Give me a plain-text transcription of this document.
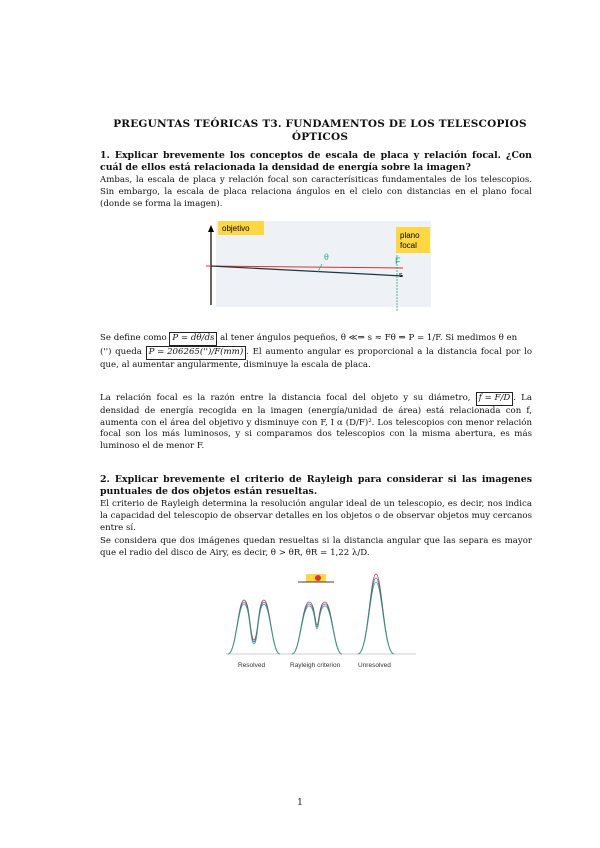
PREGUNTAS TEÓRICAS T3. FUNDAMENTOS DE LOS TELESCOPIOS ÓPTICOS
1. Explicar brevemente los conceptos de escala de placa y relación focal. ¿Con cuál de ellos está relacionada la densidad de energía sobre la imagen?
Ambas, la escala de placa y relación focal son caracterísiticas fundamentales de los telescopios. Sin embargo, la escala de placa relaciona ángulos en el cielo con distancias en el plano focal (donde se forma la imagen).
objetivo
plano
focal
F
s
θ
Se define como P = dθ/ds al tener ángulos pequeños, θ ≪⇒ s ≈ Fθ ⇒ P = 1/F. Si medimos θ en
('') queda P = 206265('')/F(mm) . El aumento angular es proporcional a la distancia focal por lo que, al aumentar angularmente, disminuye la escala de placa.
La relación focal es la razón entre la distancia focal del objeto y su diámetro, f = F/D . La densidad de energía recogida en la imagen (energía/unidad de área) está relacionada con f, aumenta con el área del objetivo y disminuye con F, I α (D/F)². Los telescopios con menor relación focal son los más luminosos, y si comparamos dos telescopios con la misma abertura, es más luminoso el de menor F.
2. Explicar brevemente el criterio de Rayleigh para considerar si las imagenes puntuales de dos objetos están resueltas.
El criterio de Rayleigh determina la resolución angular ideal de un telescopio, es decir, nos indica la capacidad del telescopio de observar detalles en los objetos o de observar objetos muy cercanos entre sí.
Se considera que dos imágenes quedan resueltas si la distancia angular que las separa es mayor que el radio del disco de Airy, es decir, θ > θR, θR = 1,22 λ/D.
Resolved	Rayleigh criterion	Unresolved
1
